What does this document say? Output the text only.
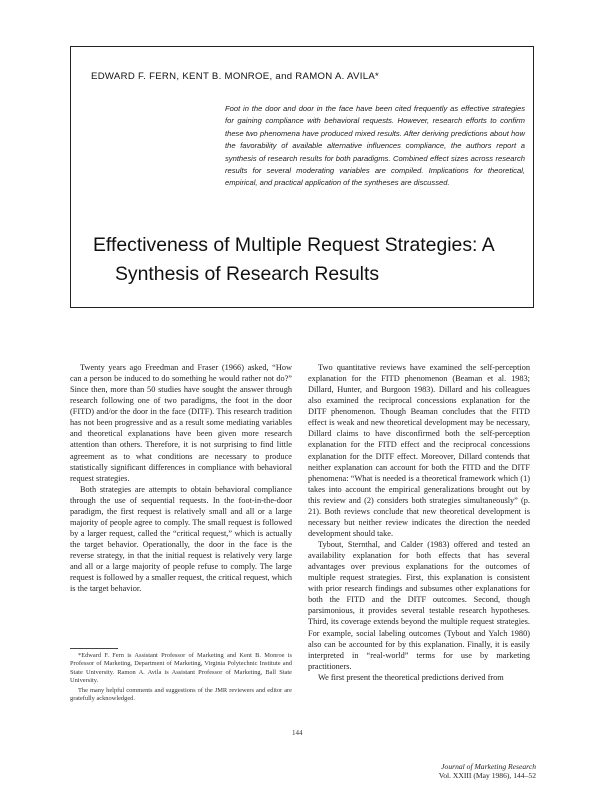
EDWARD F. FERN, KENT B. MONROE, and RAMON A. AVILA*
Foot in the door and door in the face have been cited frequently as effective strategies for gaining compliance with behavioral requests. However, research efforts to confirm these two phenomena have produced mixed results. After deriving predictions about how the favorability of available alternative influences compliance, the authors report a synthesis of research results for both paradigms. Combined effect sizes across research results for several moderating variables are compiled. Implications for theoretical, empirical, and practical application of the syntheses are discussed.
Effectiveness of Multiple Request Strategies: A
Synthesis of Research Results

Twenty years ago Freedman and Fraser (1966) asked, “How can a person be induced to do something he would rather not do?” Since then, more than 50 studies have sought the answer through research following one of two paradigms, the foot in the door (FITD) and/or the door in the face (DITF). This research tradition has not been progressive and as a result some mediating variables and theoretical explanations have been given more research attention than others. Therefore, it is not surprising to find little agreement as to what conditions are necessary to produce statistically significant differences in compliance with behavioral request strategies.

Both strategies are attempts to obtain behavioral compliance through the use of sequential requests. In the foot-in-the-door paradigm, the first request is relatively small and all or a large majority of people agree to comply. The small request is followed by a larger request, called the “critical request,” which is actually the target behavior. Operationally, the door in the face is the reverse strategy, in that the initial request is relatively very large and all or a large majority of people refuse to comply. The large request is followed by a smaller request, the critical request, which is the target behavior.

Two quantitative reviews have examined the self-perception explanation for the FITD phenomenon (Beaman et al. 1983; Dillard, Hunter, and Burgoon 1983). Dillard and his colleagues also examined the reciprocal concessions explanation for the DITF phenomenon. Though Beaman concludes that the FITD effect is weak and new theoretical development may be necessary, Dillard claims to have disconfirmed both the self-perception explanation for the FITD effect and the reciprocal concessions explanation for the DITF effect. Moreover, Dillard contends that neither explanation can account for both the FITD and the DITF phenomena: “What is needed is a theoretical framework which (1) takes into account the empirical generalizations brought out by this review and (2) considers both strategies simultaneously” (p. 21). Both reviews conclude that new theoretical development is necessary but neither review indicates the direction the needed development should take.

Tybout, Sternthal, and Calder (1983) offered and tested an availability explanation for both effects that has several advantages over previous explanations for the outcomes of multiple request strategies. First, this explanation is consistent with prior research findings and subsumes other explanations for both the FITD and the DITF outcomes. Second, though parsimonious, it provides several testable research hypotheses. Third, its coverage extends beyond the multiple request strategies. For example, social labeling outcomes (Tybout and Yalch 1980) also can be accounted for by this explanation. Finally, it is easily interpreted in “real-world” terms for use by marketing practitioners.

We first present the theoretical predictions derived from

*Edward F. Fern is Assistant Professor of Marketing and Kent B. Monroe is Professor of Marketing, Department of Marketing, Virginia Polytechnic Institute and State University. Ramon A. Avila is Assistant Professor of Marketing, Ball State University.

The many helpful comments and suggestions of the JMR reviewers and editor are gratefully acknowledged.

144
Journal of Marketing Research
Vol. XXIII (May 1986), 144–52
